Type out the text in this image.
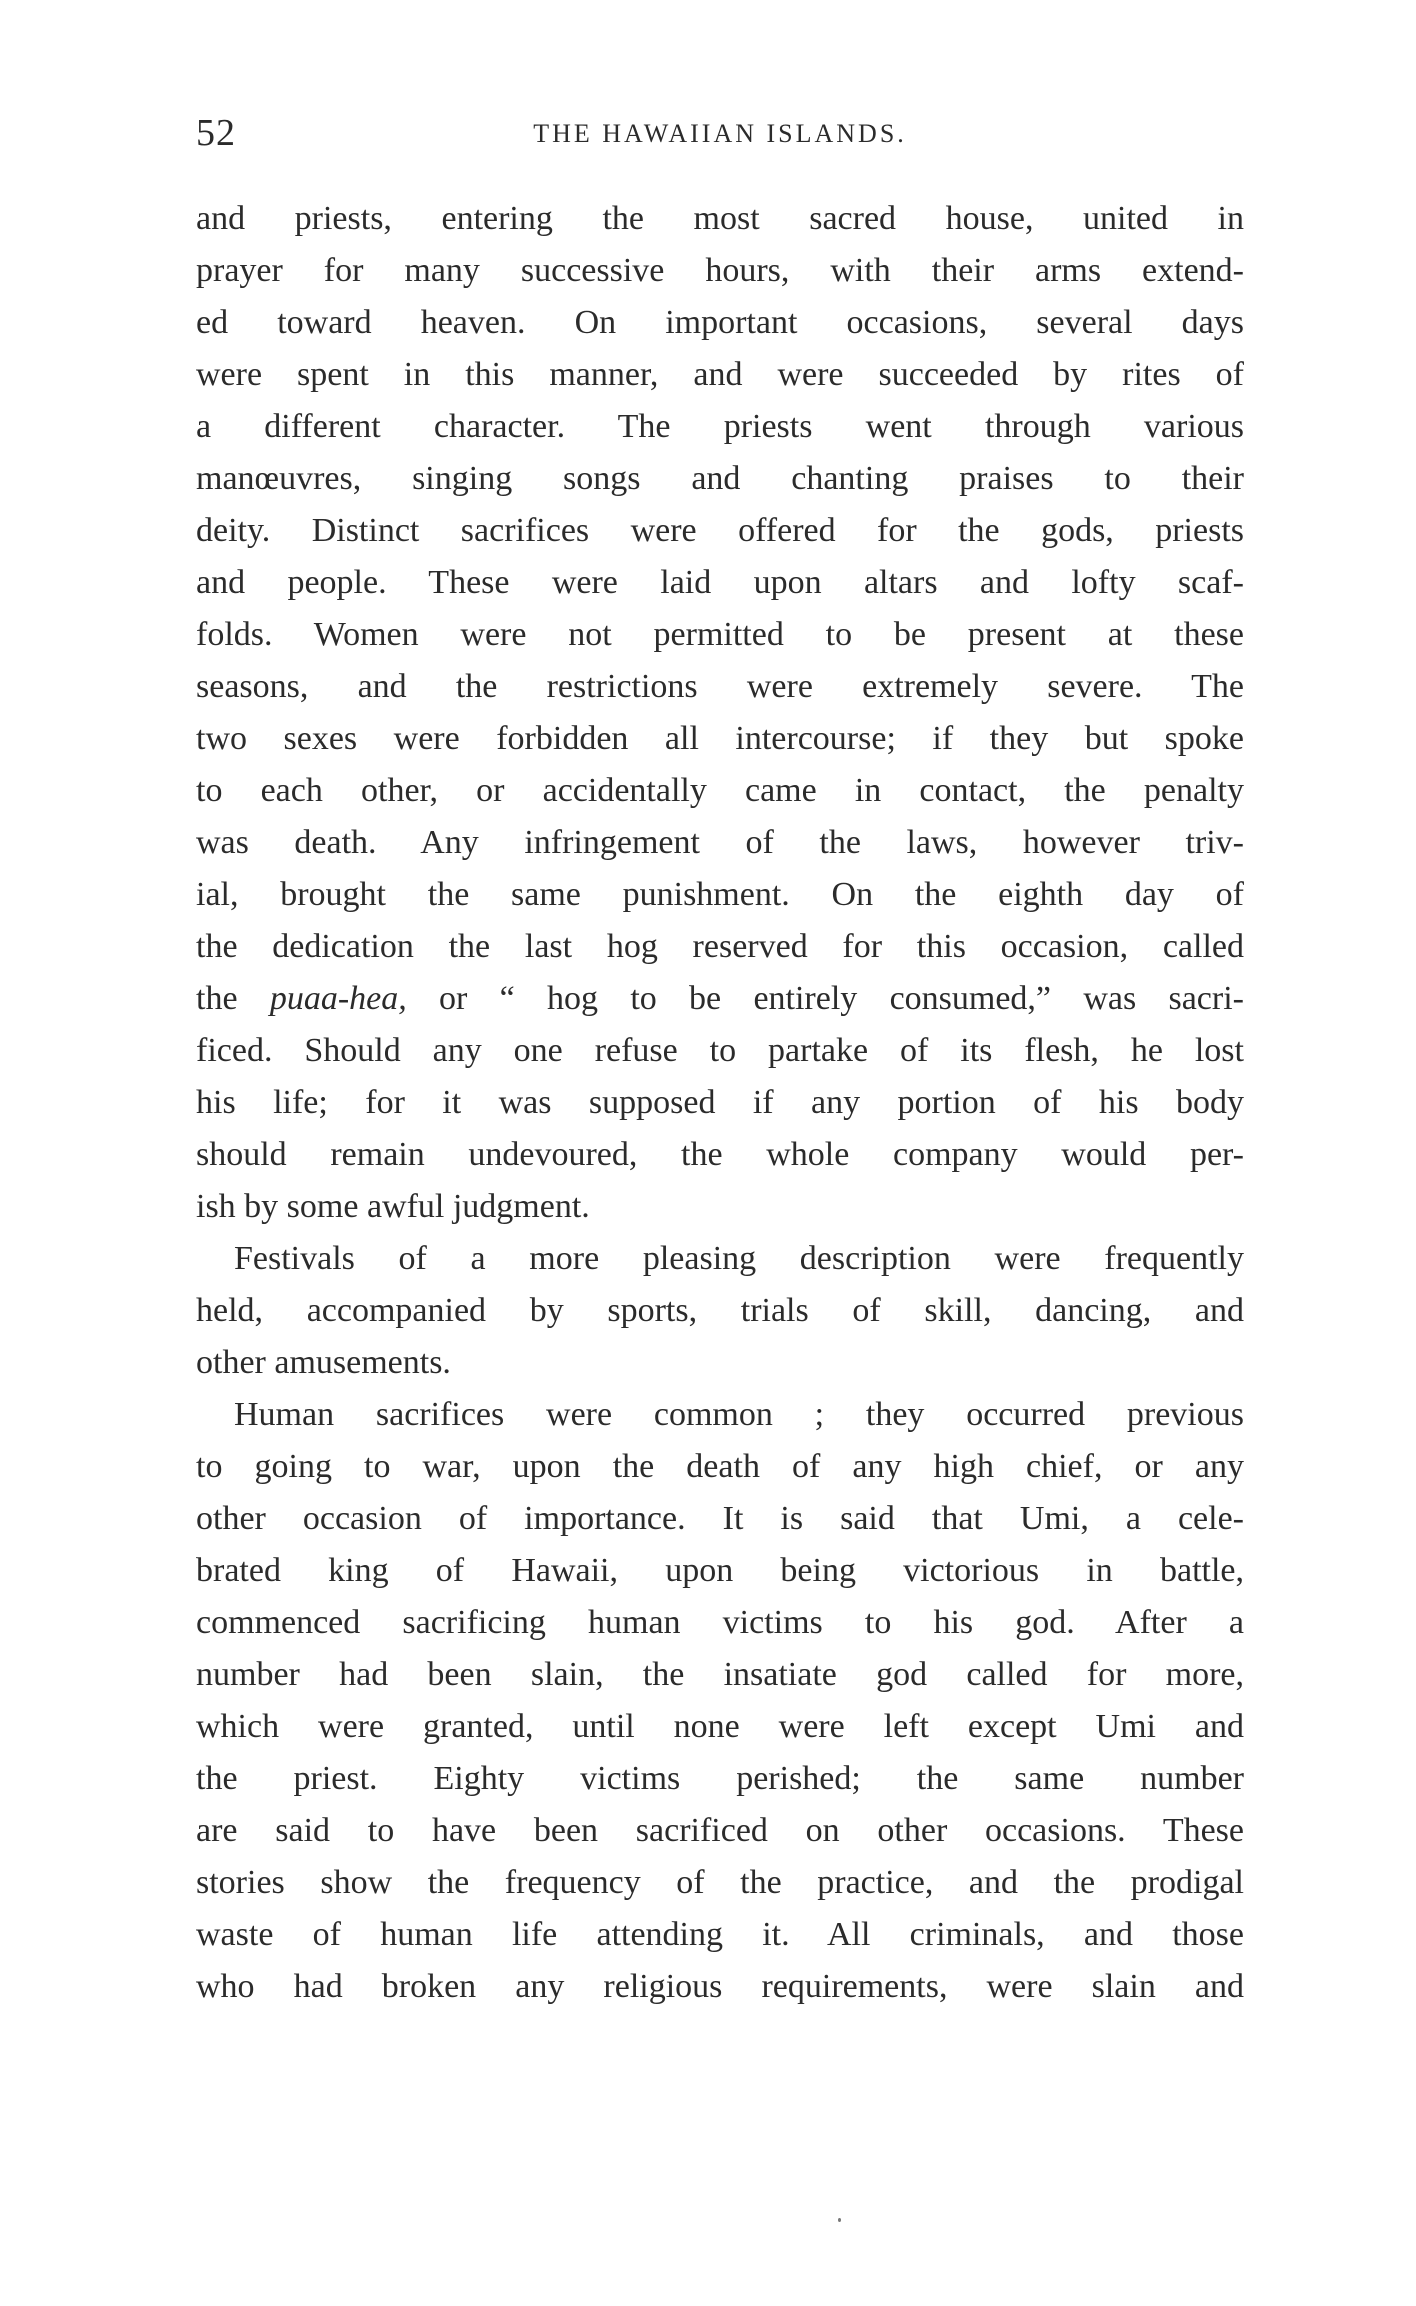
52	THE HAWAIIAN ISLANDS.
and priests, entering the most sacred house, united in
prayer for many successive hours, with their arms extend-
ed toward heaven. On important occasions, several days
were spent in this manner, and were succeeded by rites of
a different character. The priests went through various
manœuvres, singing songs and chanting praises to their
deity. Distinct sacrifices were offered for the gods, priests
and people. These were laid upon altars and lofty scaf-
folds. Women were not permitted to be present at these
seasons, and the restrictions were extremely severe. The
two sexes were forbidden all intercourse; if they but spoke
to each other, or accidentally came in contact, the penalty
was death. Any infringement of the laws, however triv-
ial, brought the same punishment. On the eighth day of
the dedication the last hog reserved for this occasion, called
the puaa-hea, or “ hog to be entirely consumed,” was sacri-
ficed. Should any one refuse to partake of its flesh, he lost
his life; for it was supposed if any portion of his body
should remain undevoured, the whole company would per-
ish by some awful judgment.
Festivals of a more pleasing description were frequently
held, accompanied by sports, trials of skill, dancing, and
other amusements.
Human sacrifices were common ; they occurred previous
to going to war, upon the death of any high chief, or any
other occasion of importance. It is said that Umi, a cele-
brated king of Hawaii, upon being victorious in battle,
commenced sacrificing human victims to his god. After a
number had been slain, the insatiate god called for more,
which were granted, until none were left except Umi and
the priest. Eighty victims perished; the same number
are said to have been sacrificed on other occasions. These
stories show the frequency of the practice, and the prodigal
waste of human life attending it. All criminals, and those
who had broken any religious requirements, were slain and
